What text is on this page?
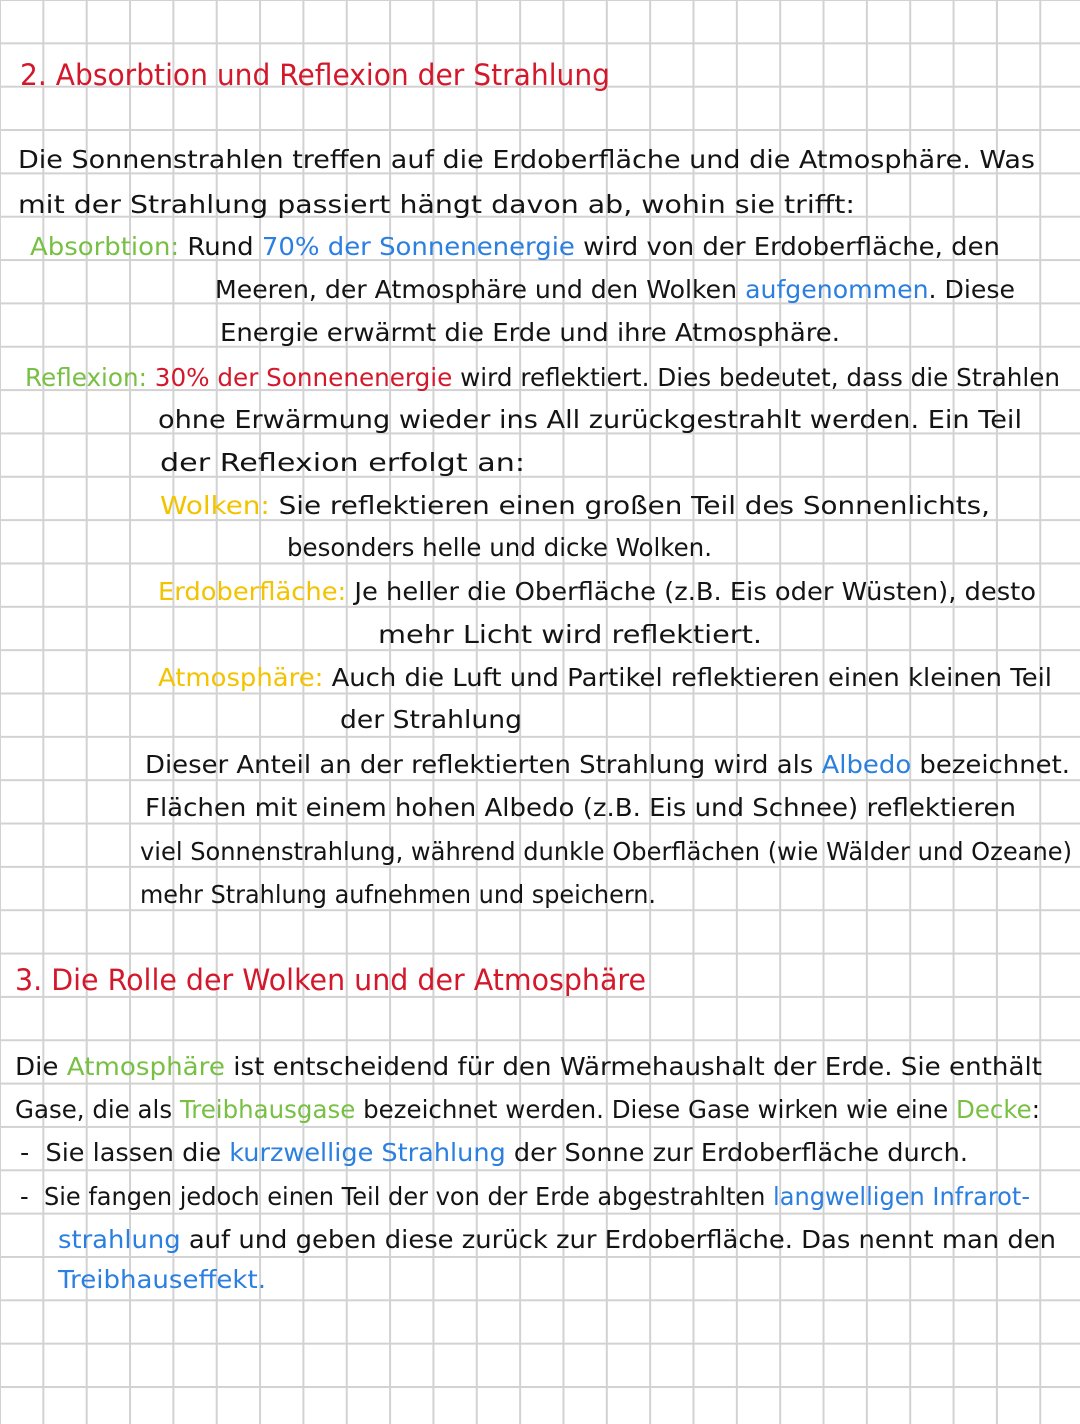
2. Absorbtion und Reflexion der Strahlung
Die Sonnenstrahlen treffen auf die Erdoberfläche und die Atmosphäre. Was
mit der Strahlung passiert hängt davon ab, wohin sie trifft:
Absorbtion: Rund 70% der Sonnenenergie wird von der Erdoberfläche, den
Meeren, der Atmosphäre und den Wolken aufgenommen. Diese
Energie erwärmt die Erde und ihre Atmosphäre.
Reflexion: 30% der Sonnenenergie wird reflektiert. Dies bedeutet, dass die Strahlen
ohne Erwärmung wieder ins All zurückgestrahlt werden. Ein Teil
der Reflexion erfolgt an:
Wolken: Sie reflektieren einen großen Teil des Sonnenlichts,
besonders helle und dicke Wolken.
Erdoberfläche: Je heller die Oberfläche (z.B. Eis oder Wüsten), desto
mehr Licht wird reflektiert.
Atmosphäre: Auch die Luft und Partikel reflektieren einen kleinen Teil
der Strahlung
Dieser Anteil an der reflektierten Strahlung wird als Albedo bezeichnet.
Flächen mit einem hohen Albedo (z.B. Eis und Schnee) reflektieren
viel Sonnenstrahlung, während dunkle Oberflächen (wie Wälder und Ozeane)
mehr Strahlung aufnehmen und speichern.
3. Die Rolle der Wolken und der Atmosphäre
Die Atmosphäre ist entscheidend für den Wärmehaushalt der Erde. Sie enthält
Gase, die als Treibhausgase bezeichnet werden. Diese Gase wirken wie eine Decke:
-  Sie lassen die kurzwellige Strahlung der Sonne zur Erdoberfläche durch.
-  Sie fangen jedoch einen Teil der von der Erde abgestrahlten langwelligen Infrarot-
strahlung auf und geben diese zurück zur Erdoberfläche. Das nennt man den
Treibhauseffekt.
